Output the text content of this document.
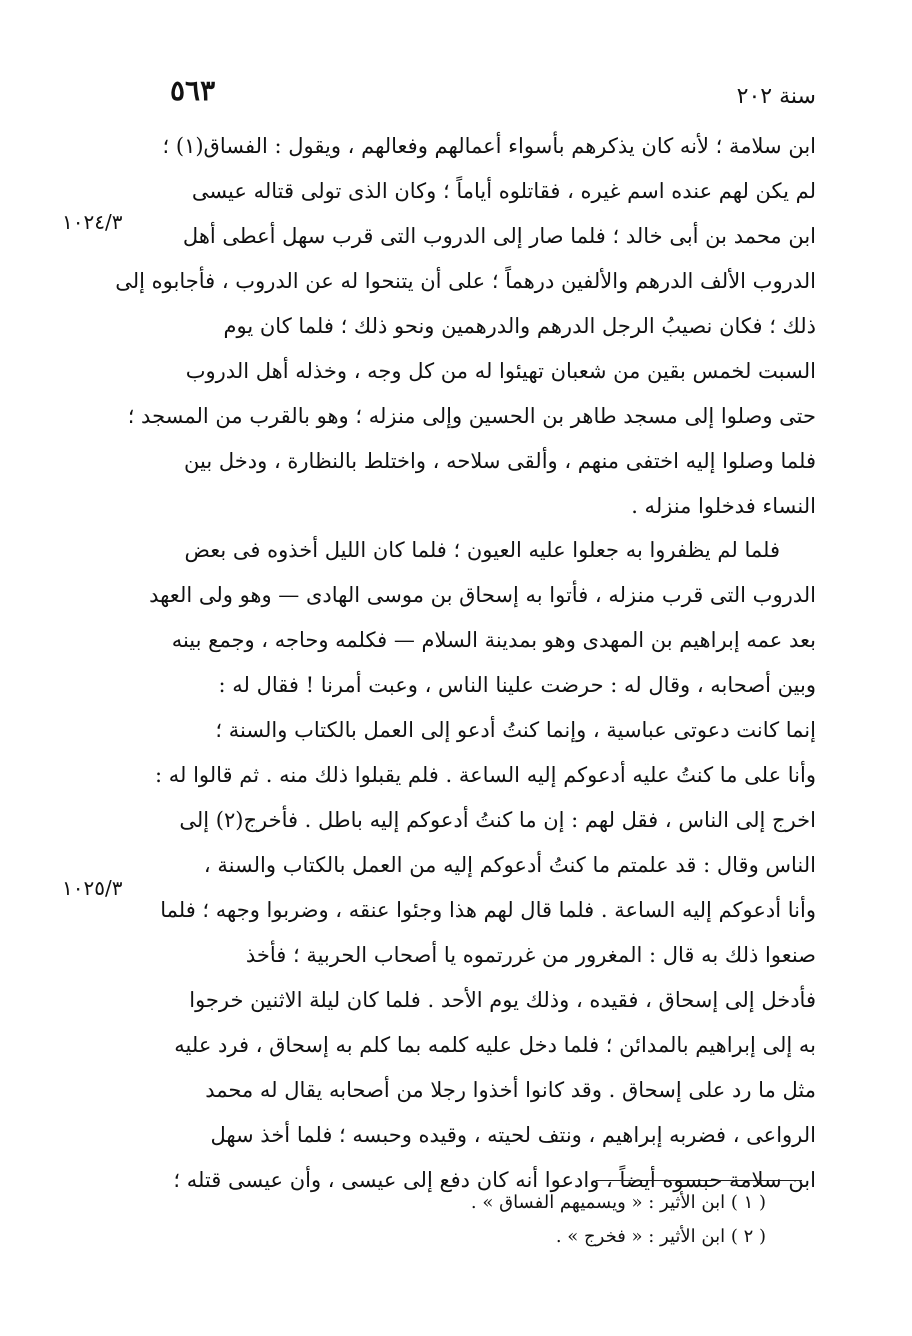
٥٦٣	سنة ٢٠٢
١٠٢٤/٣
١٠٢٥/٣
ابن سلامة ؛ لأنه كان يذكرهم بأسواء أعمالهم وفعالهم ، ويقول : الفساق(١) ؛
لم يكن لهم عنده اسم غيره ، فقاتلوه أياماً ؛ وكان الذى تولى قتاله عيسى
ابن محمد بن أبى خالد ؛ فلما صار إلى الدروب التى قرب سهل أعطى أهل
الدروب الألف الدرهم والألفين درهماً ؛ على أن يتنحوا له عن الدروب ، فأجابوه إلى
ذلك ؛ فكان نصيبُ الرجل الدرهم والدرهمين ونحو ذلك ؛ فلما كان يوم
السبت لخمس بقين من شعبان تهيئوا له من كل وجه ، وخذله أهل الدروب
حتى وصلوا إلى مسجد طاهر بن الحسين وإلى منزله ؛ وهو بالقرب من المسجد ؛
فلما وصلوا إليه اختفى منهم ، وألقى سلاحه ، واختلط بالنظارة ، ودخل بين
النساء فدخلوا منزله .
فلما لم يظفروا به جعلوا عليه العيون ؛ فلما كان الليل أخذوه فى بعض
الدروب التى قرب منزله ، فأتوا به إسحاق بن موسى الهادى — وهو ولى العهد
بعد عمه إبراهيم بن المهدى وهو بمدينة السلام — فكلمه وحاجه ، وجمع بينه
وبين أصحابه ، وقال له : حرضت علينا الناس ، وعبت أمرنا ! فقال له :
إنما كانت دعوتى عباسية ، وإنما كنتُ أدعو إلى العمل بالكتاب والسنة ؛
وأنا على ما كنتُ عليه أدعوكم إليه الساعة . فلم يقبلوا ذلك منه . ثم قالوا له :
اخرج إلى الناس ، فقل لهم : إن ما كنتُ أدعوكم إليه باطل . فأخرج(٢) إلى
الناس وقال : قد علمتم ما كنتُ أدعوكم إليه من العمل بالكتاب والسنة ،
وأنا أدعوكم إليه الساعة . فلما قال لهم هذا وجئوا عنقه ، وضربوا وجهه ؛ فلما
صنعوا ذلك به قال : المغرور من غررتموه يا أصحاب الحربية ؛ فأخذ
فأدخل إلى إسحاق ، فقيده ، وذلك يوم الأحد . فلما كان ليلة الاثنين خرجوا
به إلى إبراهيم بالمدائن ؛ فلما دخل عليه كلمه بما كلم به إسحاق ، فرد عليه
مثل ما رد على إسحاق . وقد كانوا أخذوا رجلا من أصحابه يقال له محمد
الرواعى ، فضربه إبراهيم ، ونتف لحيته ، وقيده وحبسه ؛ فلما أخذ سهل
ابن سلامة حبسوه أيضاً ، وادعوا أنه كان دفع إلى عيسى ، وأن عيسى قتله ؛
( ١ ) ابن الأثير : « ويسميهم الفساق » .
( ٢ ) ابن الأثير : « فخرج » .
